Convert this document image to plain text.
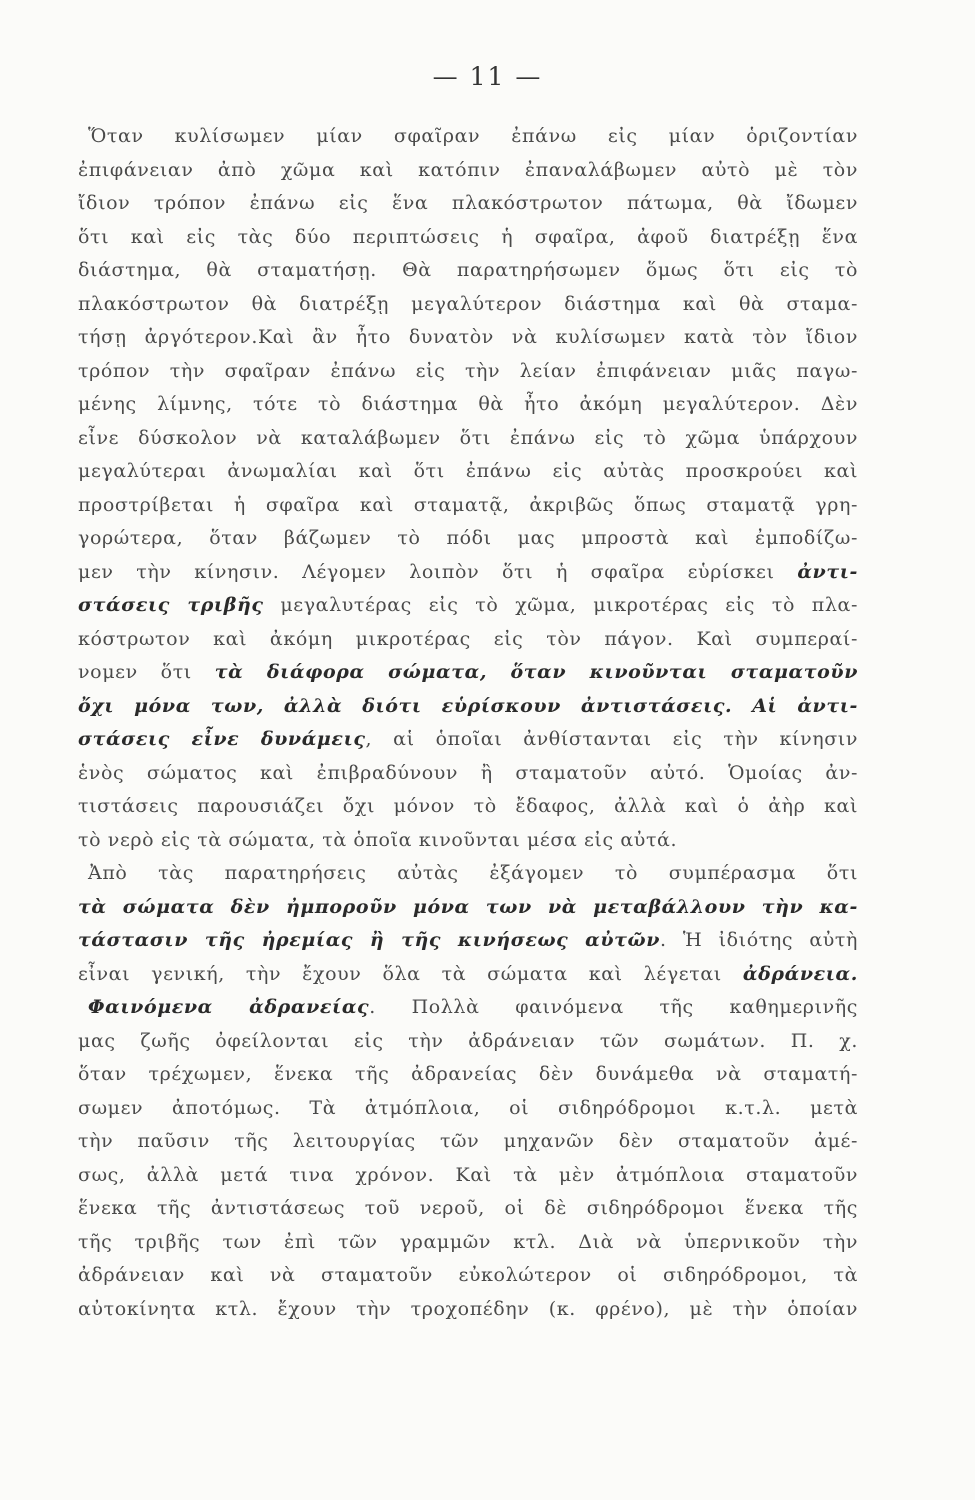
— 11 —
Ὅταν κυλίσωμεν μίαν σφαῖραν ἐπάνω εἰς μίαν ὁριζοντίαν
ἐπιφάνειαν ἀπὸ χῶμα καὶ κατόπιν ἐπαναλάβωμεν αὐτὸ μὲ τὸν
ἴδιον τρόπον ἐπάνω εἰς ἕνα πλακόστρωτον πάτωμα, θὰ ἴδωμεν
ὅτι καὶ εἰς τὰς δύο περιπτώσεις ἡ σφαῖρα, ἀφοῦ διατρέξῃ ἕνα
διάστημα, θὰ σταματήσῃ. Θὰ παρατηρήσωμεν ὅμως ὅτι εἰς τὸ
πλακόστρωτον θὰ διατρέξῃ μεγαλύτερον διάστημα καὶ θὰ σταμα-
τήσῃ ἀργότερον.Καὶ ἂν ἦτο δυνατὸν νὰ κυλίσωμεν κατὰ τὸν ἴδιον
τρόπον τὴν σφαῖραν ἐπάνω εἰς τὴν λείαν ἐπιφάνειαν μιᾶς παγω-
μένης λίμνης, τότε τὸ διάστημα θὰ ἦτο ἀκόμη μεγαλύτερον. Δὲν
εἶνε δύσκολον νὰ καταλάβωμεν ὅτι ἐπάνω εἰς τὸ χῶμα ὑπάρχουν
μεγαλύτεραι ἀνωμαλίαι καὶ ὅτι ἐπάνω εἰς αὐτὰς προσκρούει καὶ
προστρίβεται ἡ σφαῖρα καὶ σταματᾷ, ἀκριβῶς ὅπως σταματᾷ γρη-
γορώτερα, ὅταν βάζωμεν τὸ πόδι μας μπροστὰ καὶ ἐμποδίζω-
μεν τὴν κίνησιν. Λέγομεν λοιπὸν ὅτι ἡ σφαῖρα εὑρίσκει ἀντι-
στάσεις τριβῆς μεγαλυτέρας εἰς τὸ χῶμα, μικροτέρας εἰς τὸ πλα-
κόστρωτον καὶ ἀκόμη μικροτέρας εἰς τὸν πάγον. Καὶ συμπεραί-
νομεν ὅτι τὰ διάφορα σώματα, ὅταν κινοῦνται σταματοῦν
ὄχι μόνα των, ἀλλὰ διότι εὑρίσκουν ἀντιστάσεις. Αἱ ἀντι-
στάσεις εἶνε δυνάμεις, αἱ ὁποῖαι ἀνθίστανται εἰς τὴν κίνησιν
ἑνὸς σώματος καὶ ἐπιβραδύνουν ἢ σταματοῦν αὐτό. Ὁμοίας ἀν-
τιστάσεις παρουσιάζει ὄχι μόνον τὸ ἔδαφος, ἀλλὰ καὶ ὁ ἀὴρ καὶ
τὸ νερὸ εἰς τὰ σώματα, τὰ ὁποῖα κινοῦνται μέσα εἰς αὐτά.
Ἀπὸ τὰς παρατηρήσεις αὐτὰς ἐξάγομεν τὸ συμπέρασμα ὅτι
τὰ σώματα δὲν ἠμποροῦν μόνα των νὰ μεταβάλλουν τὴν κα-
τάστασιν τῆς ἠρεμίας ἢ τῆς κινήσεως αὐτῶν. Ἡ ἰδιότης αὐτὴ
εἶναι γενική, τὴν ἔχουν ὅλα τὰ σώματα καὶ λέγεται ἀδράνεια.
Φαινόμενα ἀδρανείας. Πολλὰ φαινόμενα τῆς καθημερινῆς
μας ζωῆς ὀφείλονται εἰς τὴν ἀδράνειαν τῶν σωμάτων. Π. χ.
ὅταν τρέχωμεν, ἕνεκα τῆς ἀδρανείας δὲν δυνάμεθα νὰ σταματή-
σωμεν ἀποτόμως. Τὰ ἀτμόπλοια, οἱ σιδηρόδρομοι κ.τ.λ. μετὰ
τὴν παῦσιν τῆς λειτουργίας τῶν μηχανῶν δὲν σταματοῦν ἀμέ-
σως, ἀλλὰ μετά τινα χρόνον. Καὶ τὰ μὲν ἀτμόπλοια σταματοῦν
ἕνεκα τῆς ἀντιστάσεως τοῦ νεροῦ, οἱ δὲ σιδηρόδρομοι ἕνεκα τῆς
τῆς τριβῆς των ἐπὶ τῶν γραμμῶν κτλ. Διὰ νὰ ὑπερνικοῦν τὴν
ἀδράνειαν καὶ νὰ σταματοῦν εὐκολώτερον οἱ σιδηρόδρομοι, τὰ
αὐτοκίνητα κτλ. ἔχουν τὴν τροχοπέδην (κ. φρένο), μὲ τὴν ὁποίαν
